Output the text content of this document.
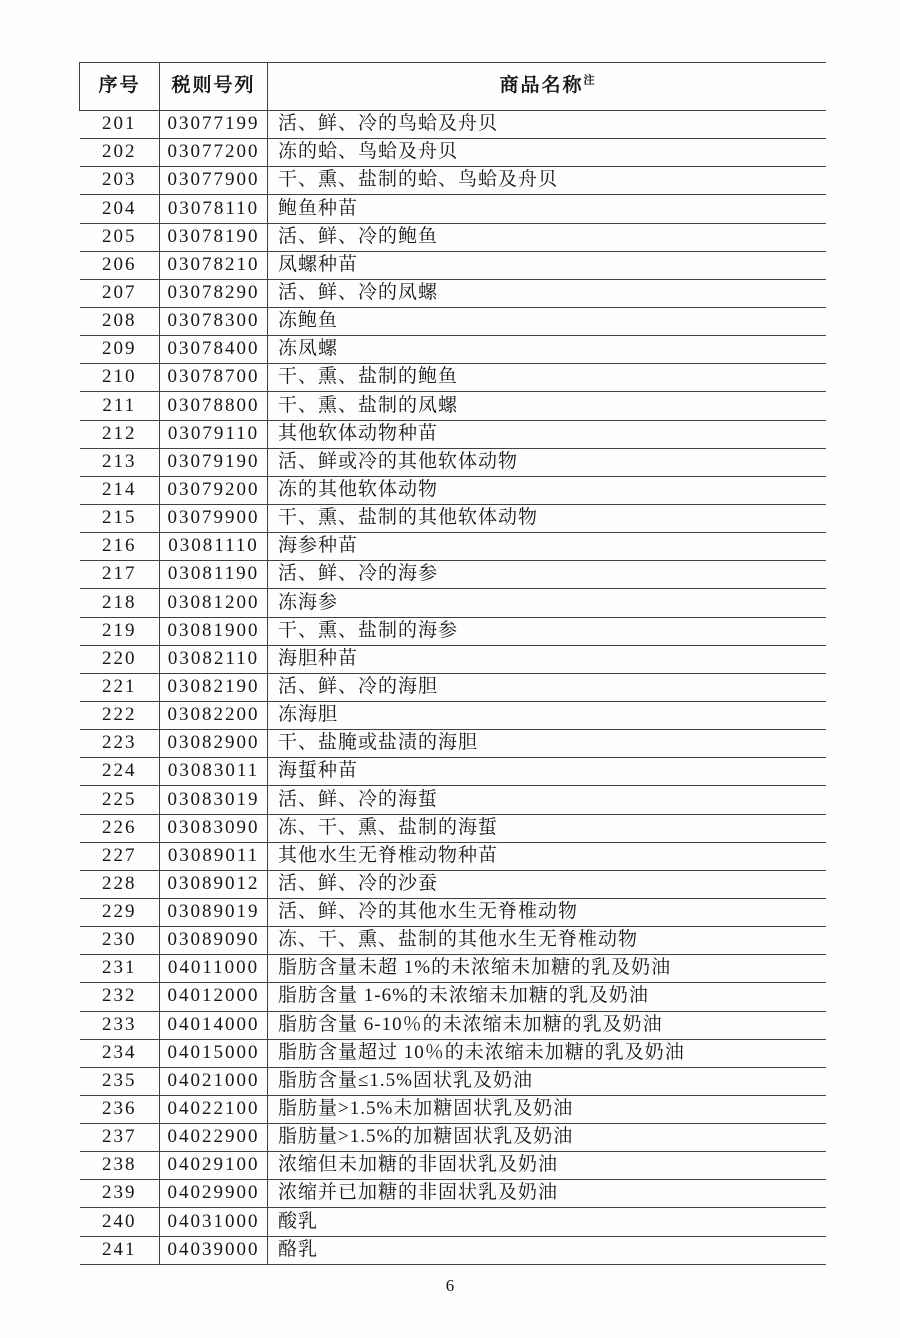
序号	税则号列	商品名称$^注$
201	03077199	活、鲜、冷的鸟蛤及舟贝
202	03077200	冻的蛤、鸟蛤及舟贝
203	03077900	干、熏、盐制的蛤、鸟蛤及舟贝
204	03078110	鲍鱼种苗
205	03078190	活、鲜、冷的鲍鱼
206	03078210	凤螺种苗
207	03078290	活、鲜、冷的凤螺
208	03078300	冻鲍鱼
209	03078400	冻凤螺
210	03078700	干、熏、盐制的鲍鱼
211	03078800	干、熏、盐制的凤螺
212	03079110	其他软体动物种苗
213	03079190	活、鲜或冷的其他软体动物
214	03079200	冻的其他软体动物
215	03079900	干、熏、盐制的其他软体动物
216	03081110	海参种苗
217	03081190	活、鲜、冷的海参
218	03081200	冻海参
219	03081900	干、熏、盐制的海参
220	03082110	海胆种苗
221	03082190	活、鲜、冷的海胆
222	03082200	冻海胆
223	03082900	干、盐腌或盐渍的海胆
224	03083011	海蜇种苗
225	03083019	活、鲜、冷的海蜇
226	03083090	冻、干、熏、盐制的海蜇
227	03089011	其他水生无脊椎动物种苗
228	03089012	活、鲜、冷的沙蚕
229	03089019	活、鲜、冷的其他水生无脊椎动物
230	03089090	冻、干、熏、盐制的其他水生无脊椎动物
231	04011000	脂肪含量未超 1%的未浓缩未加糖的乳及奶油
232	04012000	脂肪含量 1-6%的未浓缩未加糖的乳及奶油
233	04014000	脂肪含量 6-10％的未浓缩未加糖的乳及奶油
234	04015000	脂肪含量超过 10％的未浓缩未加糖的乳及奶油
235	04021000	脂肪含量≤1.5%固状乳及奶油
236	04022100	脂肪量>1.5%未加糖固状乳及奶油
237	04022900	脂肪量>1.5%的加糖固状乳及奶油
238	04029100	浓缩但未加糖的非固状乳及奶油
239	04029900	浓缩并已加糖的非固状乳及奶油
240	04031000	酸乳
241	04039000	酪乳
6
